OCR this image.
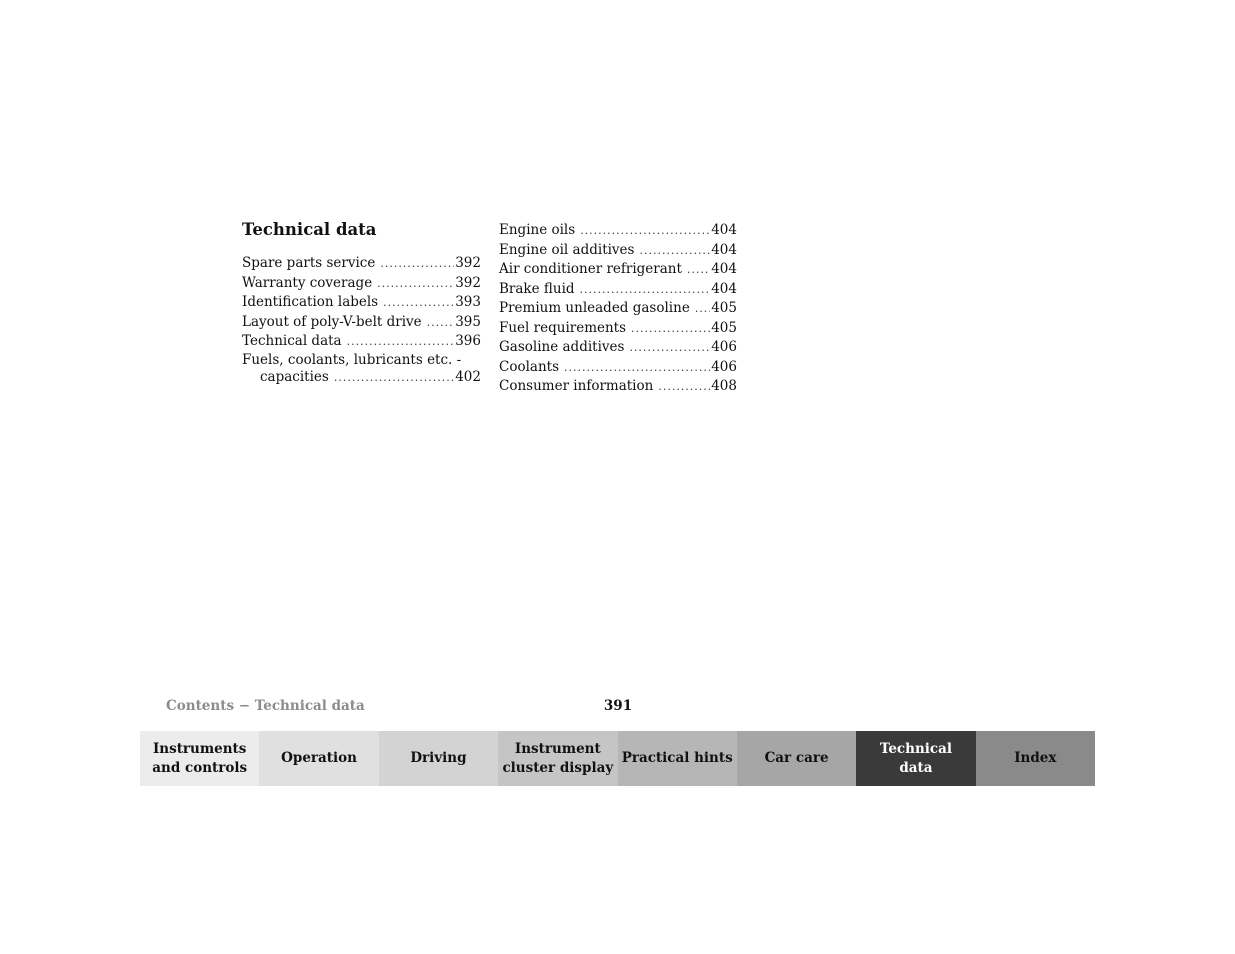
Technical data
Spare parts service .....	392
Warranty coverage .....	392
Identification labels .....	393
Layout of poly-V-belt drive ..... 395
Technical data .....	396
Fuels, coolants, lubricants etc. -
capacities .....	402
Engine oils .....	404
Engine oil additives .....	404
Air conditioner refrigerant ..... 404
Brake fluid .....	404
Premium unleaded gasoline ..... 405
Fuel requirements .....	405
Gasoline additives .....	406
Coolants .....	406
Consumer information .....	408
Contents − Technical data	391
Instruments
and controls
Operation	Driving
Instrument
cluster display
Practical hints	Car care
Technical
data
Index
